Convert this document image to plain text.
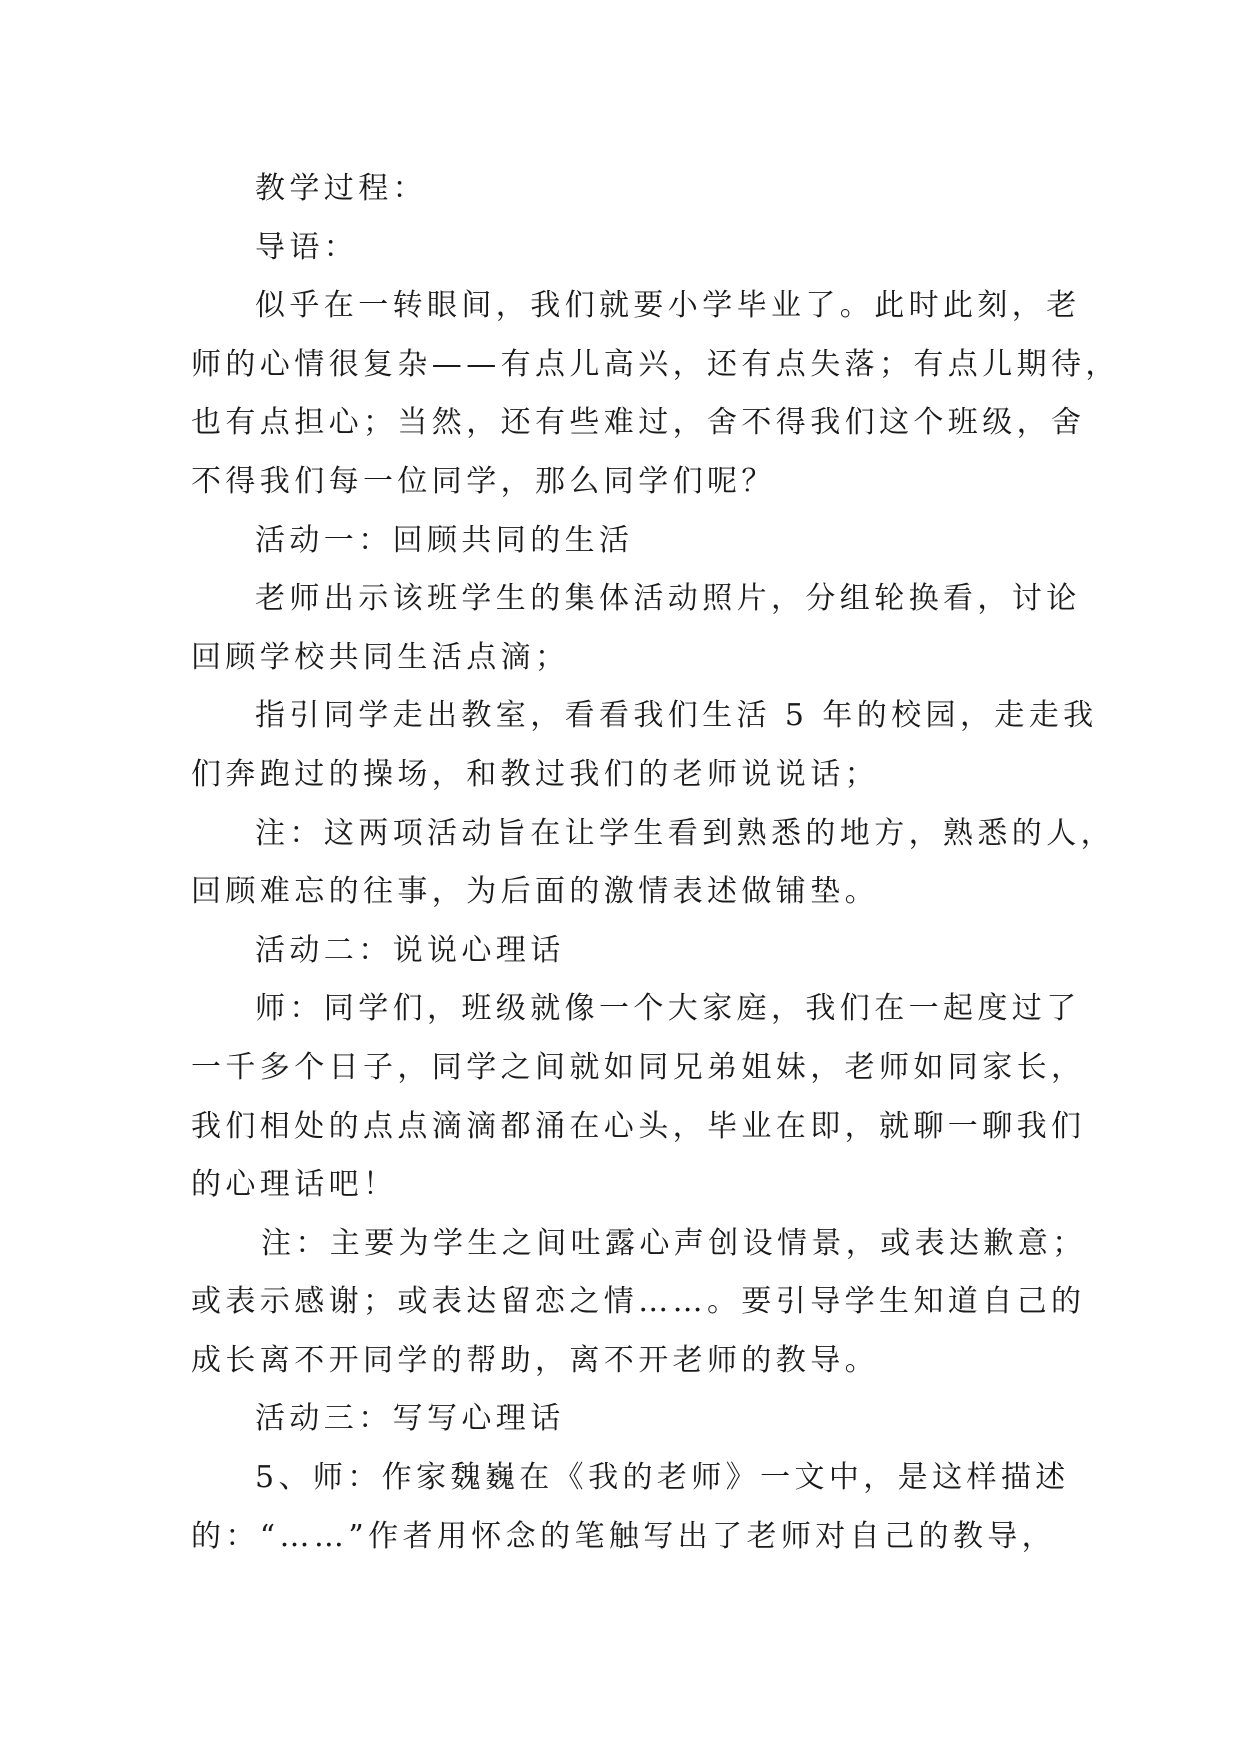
教学过程：
导语：
似乎在一转眼间，我们就要小学毕业了。此时此刻，老
师的心情很复杂——有点儿高兴，还有点失落；有点儿期待，
也有点担心；当然，还有些难过，舍不得我们这个班级，舍
不得我们每一位同学，那么同学们呢？
活动一：回顾共同的生活
老师出示该班学生的集体活动照片，分组轮换看，讨论
回顾学校共同生活点滴；
指引同学走出教室，看看我们生活 5 年的校园，走走我
们奔跑过的操场，和教过我们的老师说说话；
注：这两项活动旨在让学生看到熟悉的地方，熟悉的人，
回顾难忘的往事，为后面的激情表述做铺垫。
活动二：说说心理话
师：同学们，班级就像一个大家庭，我们在一起度过了
一千多个日子，同学之间就如同兄弟姐妹，老师如同家长，
我们相处的点点滴滴都涌在心头，毕业在即，就聊一聊我们
的心理话吧！
注：主要为学生之间吐露心声创设情景，或表达歉意；
或表示感谢；或表达留恋之情……。要引导学生知道自己的
成长离不开同学的帮助，离不开老师的教导。
活动三：写写心理话
5、师：作家魏巍在《我的老师》一文中，是这样描述
的：“……”作者用怀念的笔触写出了老师对自己的教导，
